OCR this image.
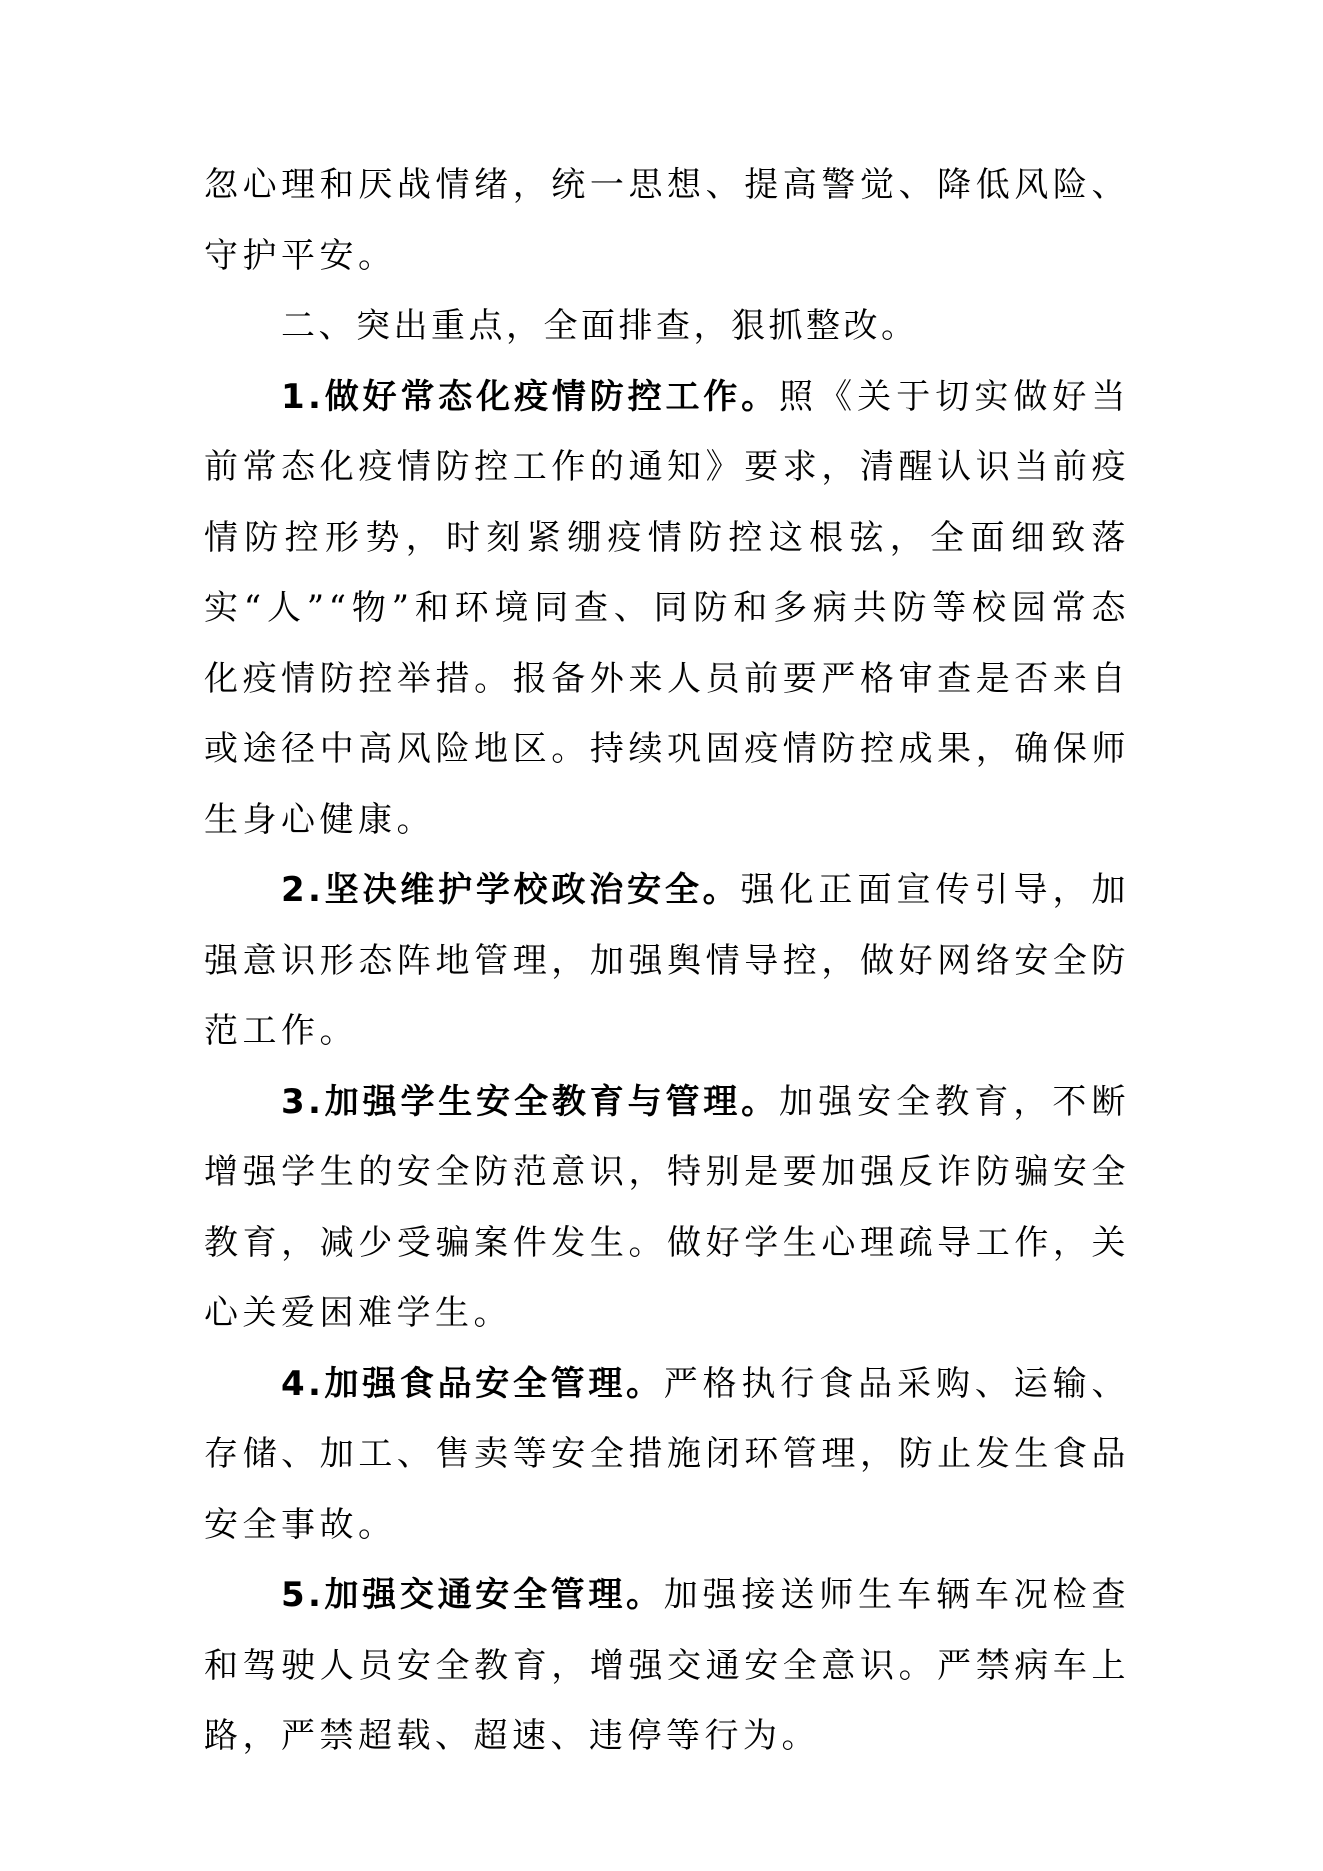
忽心理和厌战情绪，统一思想、提高警觉、降低风险、守护平安。

二、突出重点，全面排查，狠抓整改。

1.做好常态化疫情防控工作。照《关于切实做好当前常态化疫情防控工作的通知》要求，清醒认识当前疫情防控形势，时刻紧绷疫情防控这根弦，全面细致落实“人”“物”和环境同查、同防和多病共防等校园常态化疫情防控举措。报备外来人员前要严格审查是否来自或途径中高风险地区。持续巩固疫情防控成果，确保师生身心健康。

2.坚决维护学校政治安全。强化正面宣传引导，加强意识形态阵地管理，加强舆情导控，做好网络安全防范工作。

3.加强学生安全教育与管理。加强安全教育，不断增强学生的安全防范意识，特别是要加强反诈防骗安全教育，减少受骗案件发生。做好学生心理疏导工作，关心关爱困难学生。

4.加强食品安全管理。严格执行食品采购、运输、存储、加工、售卖等安全措施闭环管理，防止发生食品安全事故。

5.加强交通安全管理。加强接送师生车辆车况检查和驾驶人员安全教育，增强交通安全意识。严禁病车上路，严禁超载、超速、违停等行为。
